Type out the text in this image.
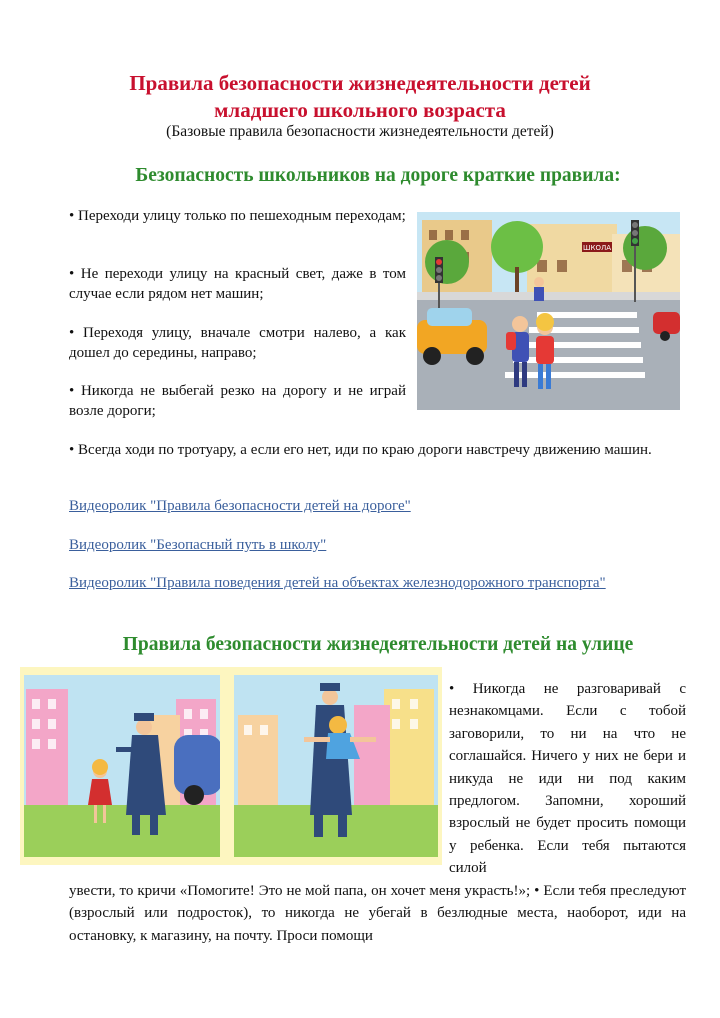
Правила безопасности жизнедеятельности детей
младшего школьного возраста
(Базовые правила безопасности жизнедеятельности детей)
Безопасность школьников на дороге краткие правила:

• Переходи улицу только по пешеходным переходам;

• Не переходи улицу на красный свет, даже в том случае если рядом нет машин;

• Переходя улицу, вначале смотри налево, а как дошел до середины, направо;

• Никогда не выбегай резко на дорогу и не играй возле дороги;

• Всегда ходи по тротуару, а если его нет, иди по краю дороги навстречу движению машин.

ШКОЛА
Видеоролик "Правила безопасности детей на дороге"
Видеоролик "Безопасный путь в школу"
Видеоролик "Правила поведения детей на объектах железнодорожного транспорта"
Правила безопасности жизнедеятельности детей на улице

• Никогда не разговаривай с незнакомцами. Если с тобой заговорили, то ни на что не соглашайся. Ничего у них не бери и никуда не иди ни под каким предлогом. Запомни, хороший взрослый не будет просить помощи у ребенка. Если тебя пытаются силой

увести, то кричи «Помогите! Это не мой папа, он хочет меня украсть!»; • Если тебя преследуют (взрослый или подросток), то никогда не убегай в безлюдные места, наоборот, иди на остановку, к магазину, на почту. Проси помощи
